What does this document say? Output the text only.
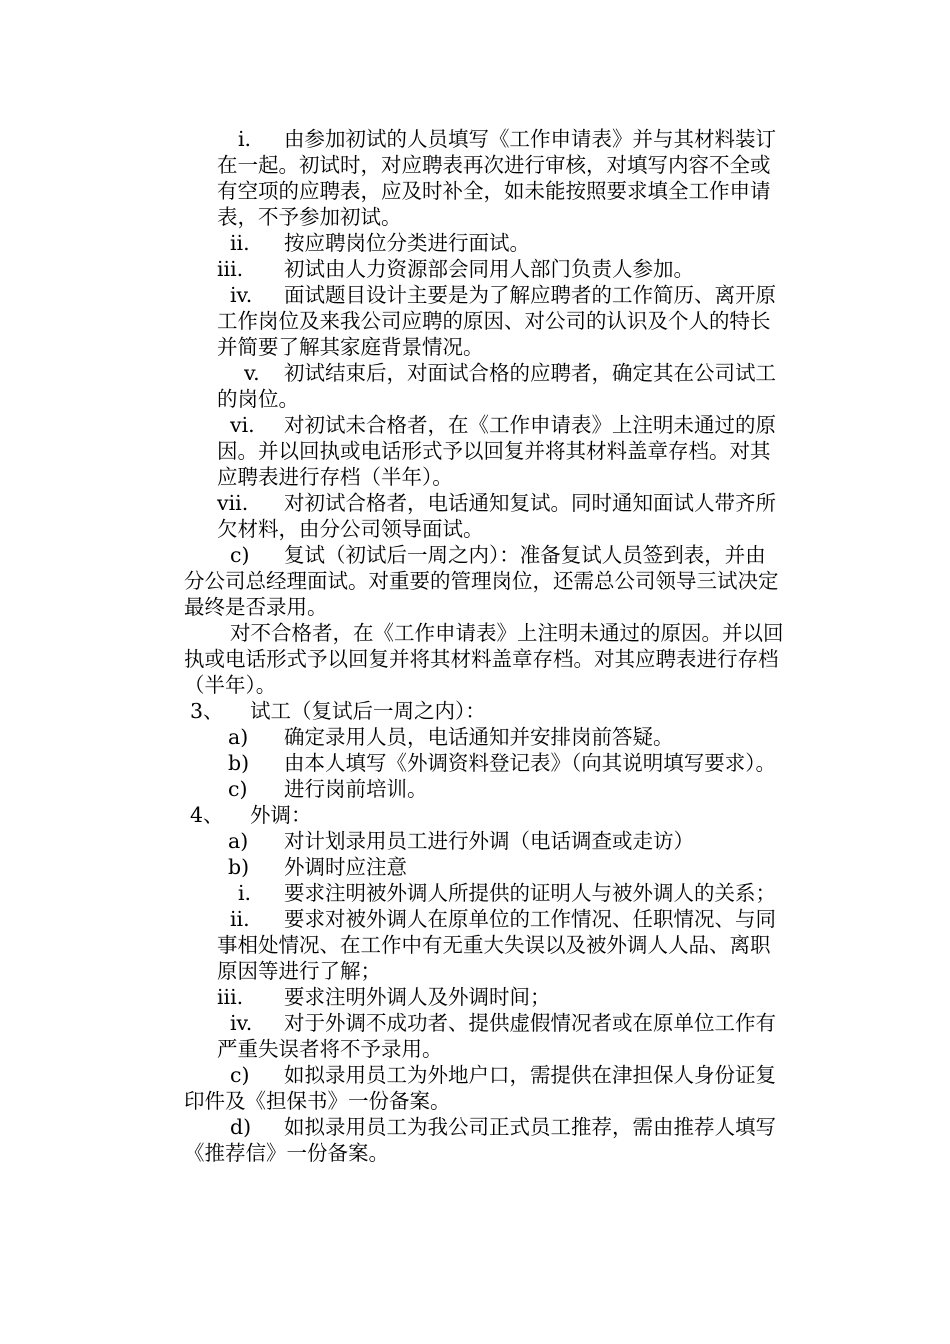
i. 由参加初试的人员填写《工作申请表》并与其材料装订
在一起。初试时，对应聘表再次进行审核，对填写内容不全或
有空项的应聘表，应及时补全，如未能按照要求填全工作申请
表，不予参加初试。
ii. 按应聘岗位分类进行面试。
iii. 初试由人力资源部会同用人部门负责人参加。
iv. 面试题目设计主要是为了解应聘者的工作简历、离开原
工作岗位及来我公司应聘的原因、对公司的认识及个人的特长
并简要了解其家庭背景情况。
v. 初试结束后，对面试合格的应聘者，确定其在公司试工
的岗位。
vi. 对初试未合格者，在《工作申请表》上注明未通过的原
因。并以回执或电话形式予以回复并将其材料盖章存档。对其
应聘表进行存档（半年）。
vii. 对初试合格者，电话通知复试。同时通知面试人带齐所
欠材料，由分公司领导面试。
c) 复试（初试后一周之内）：准备复试人员签到表，并由
分公司总经理面试。对重要的管理岗位，还需总公司领导三试决定
最终是否录用。
对不合格者，在《工作申请表》上注明未通过的原因。并以回
执或电话形式予以回复并将其材料盖章存档。对其应聘表进行存档
（半年）。
3、 试工（复试后一周之内）：
a) 确定录用人员，电话通知并安排岗前答疑。
b) 由本人填写《外调资料登记表》（向其说明填写要求）。
c) 进行岗前培训。
4、 外调：
a) 对计划录用员工进行外调（电话调查或走访）
b) 外调时应注意
i. 要求注明被外调人所提供的证明人与被外调人的关系；
ii. 要求对被外调人在原单位的工作情况、任职情况、与同
事相处情况、在工作中有无重大失误以及被外调人人品、离职
原因等进行了解；
iii. 要求注明外调人及外调时间；
iv. 对于外调不成功者、提供虚假情况者或在原单位工作有
严重失误者将不予录用。
c) 如拟录用员工为外地户口，需提供在津担保人身份证复
印件及《担保书》一份备案。
d) 如拟录用员工为我公司正式员工推荐，需由推荐人填写
《推荐信》一份备案。
